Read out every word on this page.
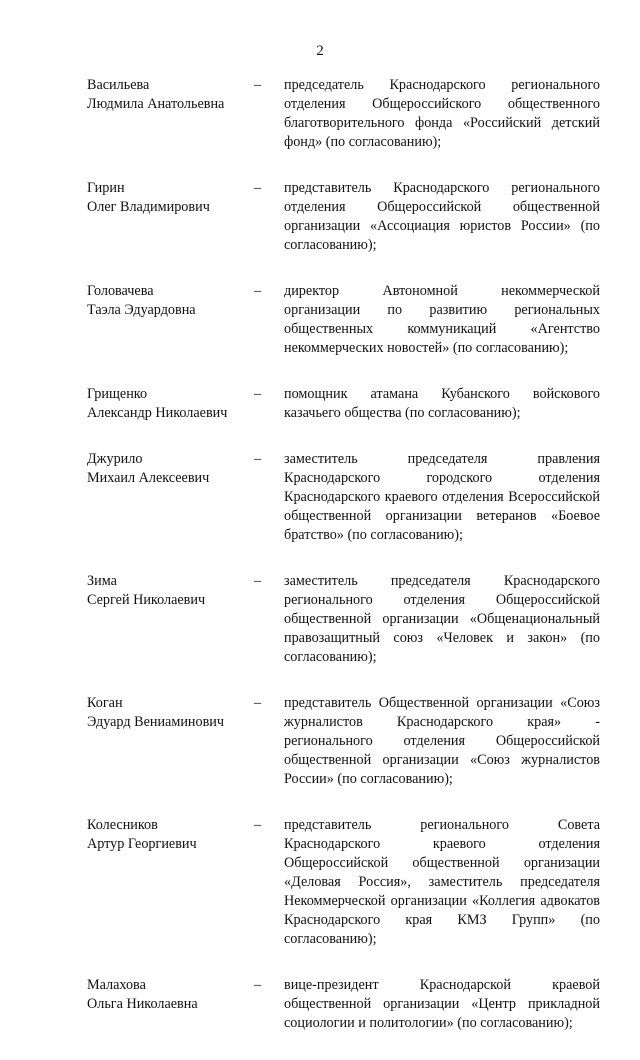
2
Васильева
Людмила Анатольевна
–	председатель Краснодарского регионального отделения Общероссийского общественного благотворительного фонда «Российский детский фонд» (по согласованию);
Гирин
Олег Владимирович
–	представитель Краснодарского регионального отделения Общероссийской общественной организации «Ассоциация юристов России» (по согласованию);
Головачева
Таэла Эдуардовна
–	директор Автономной некоммерческой организации по развитию региональных общественных коммуникаций «Агентство некоммерческих новостей» (по согласованию);
Грищенко
Александр Николаевич
–	помощник атамана Кубанского войскового казачьего общества (по согласованию);
Джурило
Михаил Алексеевич
–	заместитель председателя правления Краснодарского городского отделения Краснодарского краевого отделения Всероссийской общественной организации ветеранов «Боевое братство» (по согласованию);
Зима
Сергей Николаевич
–	заместитель председателя Краснодарского регионального отделения Общероссийской общественной организации «Общенациональный правозащитный союз «Человек и закон» (по согласованию);
Коган
Эдуард Вениаминович
–	представитель Общественной организации «Союз журналистов Краснодарского края» - регионального отделения Общероссийской общественной организации «Союз журналистов России» (по согласованию);
Колесников
Артур Георгиевич
–	представитель регионального Совета Краснодарского краевого отделения Общероссийской общественной организации «Деловая Россия», заместитель председателя Некоммерческой организации «Коллегия адвокатов Краснодарского края КМЗ Групп» (по согласованию);
Малахова
Ольга Николаевна
–	вице-президент Краснодарской краевой общественной организации «Центр прикладной социологии и политологии» (по согласованию);
